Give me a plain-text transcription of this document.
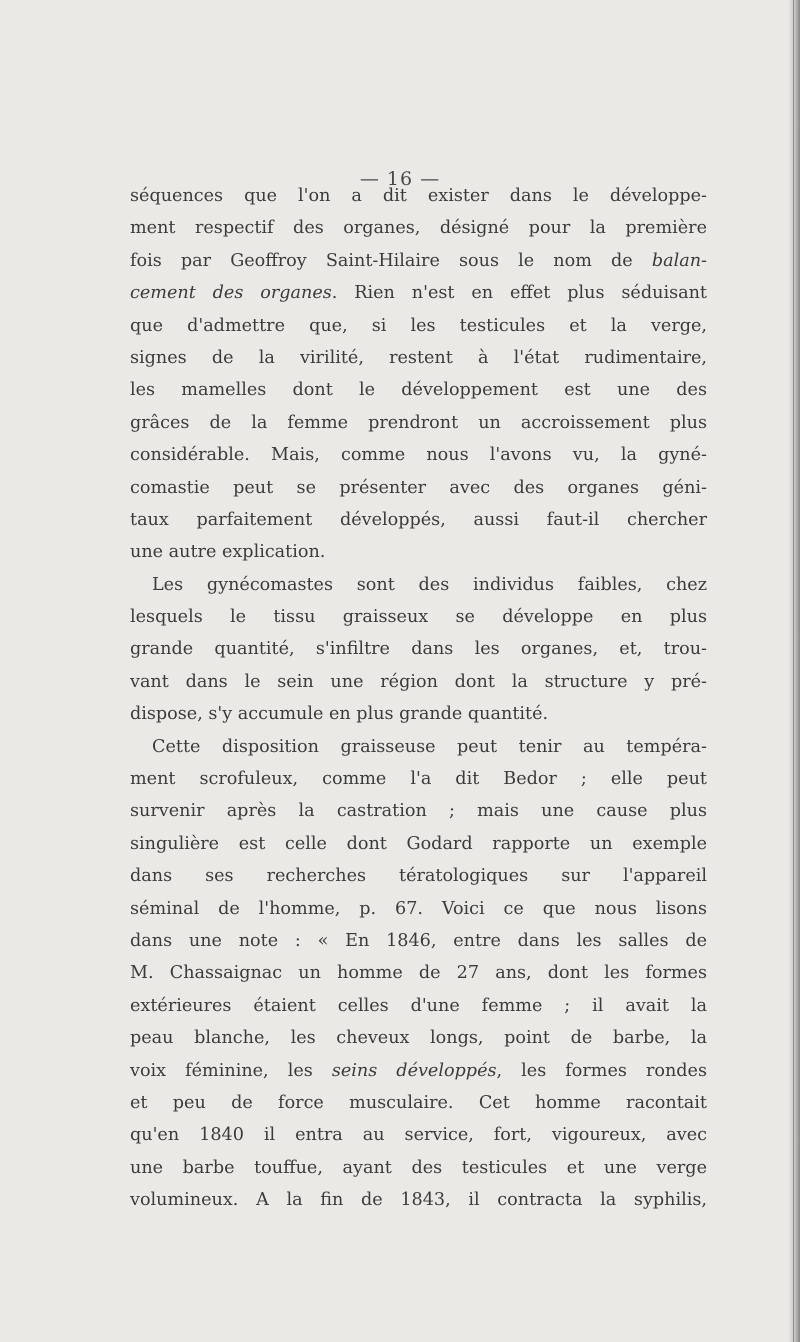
— 16 —
séquences que l'on a dit exister dans le développe-
ment respectif des organes, désigné pour la première
fois par Geoffroy Saint-Hilaire sous le nom de balan-
cement des organes. Rien n'est en effet plus séduisant
que d'admettre que, si les testicules et la verge,
signes de la virilité, restent à l'état rudimentaire,
les mamelles dont le développement est une des
grâces de la femme prendront un accroissement plus
considérable. Mais, comme nous l'avons vu, la gyné-
comastie peut se présenter avec des organes géni-
taux parfaitement développés, aussi faut-il chercher
une autre explication.
Les gynécomastes sont des individus faibles, chez
lesquels le tissu graisseux se développe en plus
grande quantité, s'infiltre dans les organes, et, trou-
vant dans le sein une région dont la structure y pré-
dispose, s'y accumule en plus grande quantité.
Cette disposition graisseuse peut tenir au tempéra-
ment scrofuleux, comme l'a dit Bedor ; elle peut
survenir après la castration ; mais une cause plus
singulière est celle dont Godard rapporte un exemple
dans ses recherches tératologiques sur l'appareil
séminal de l'homme, p. 67. Voici ce que nous lisons
dans une note : « En 1846, entre dans les salles de
M. Chassaignac un homme de 27 ans, dont les formes
extérieures étaient celles d'une femme ; il avait la
peau blanche, les cheveux longs, point de barbe, la
voix féminine, les seins développés, les formes rondes
et peu de force musculaire. Cet homme racontait
qu'en 1840 il entra au service, fort, vigoureux, avec
une barbe touffue, ayant des testicules et une verge
volumineux. A la fin de 1843, il contracta la syphilis,
